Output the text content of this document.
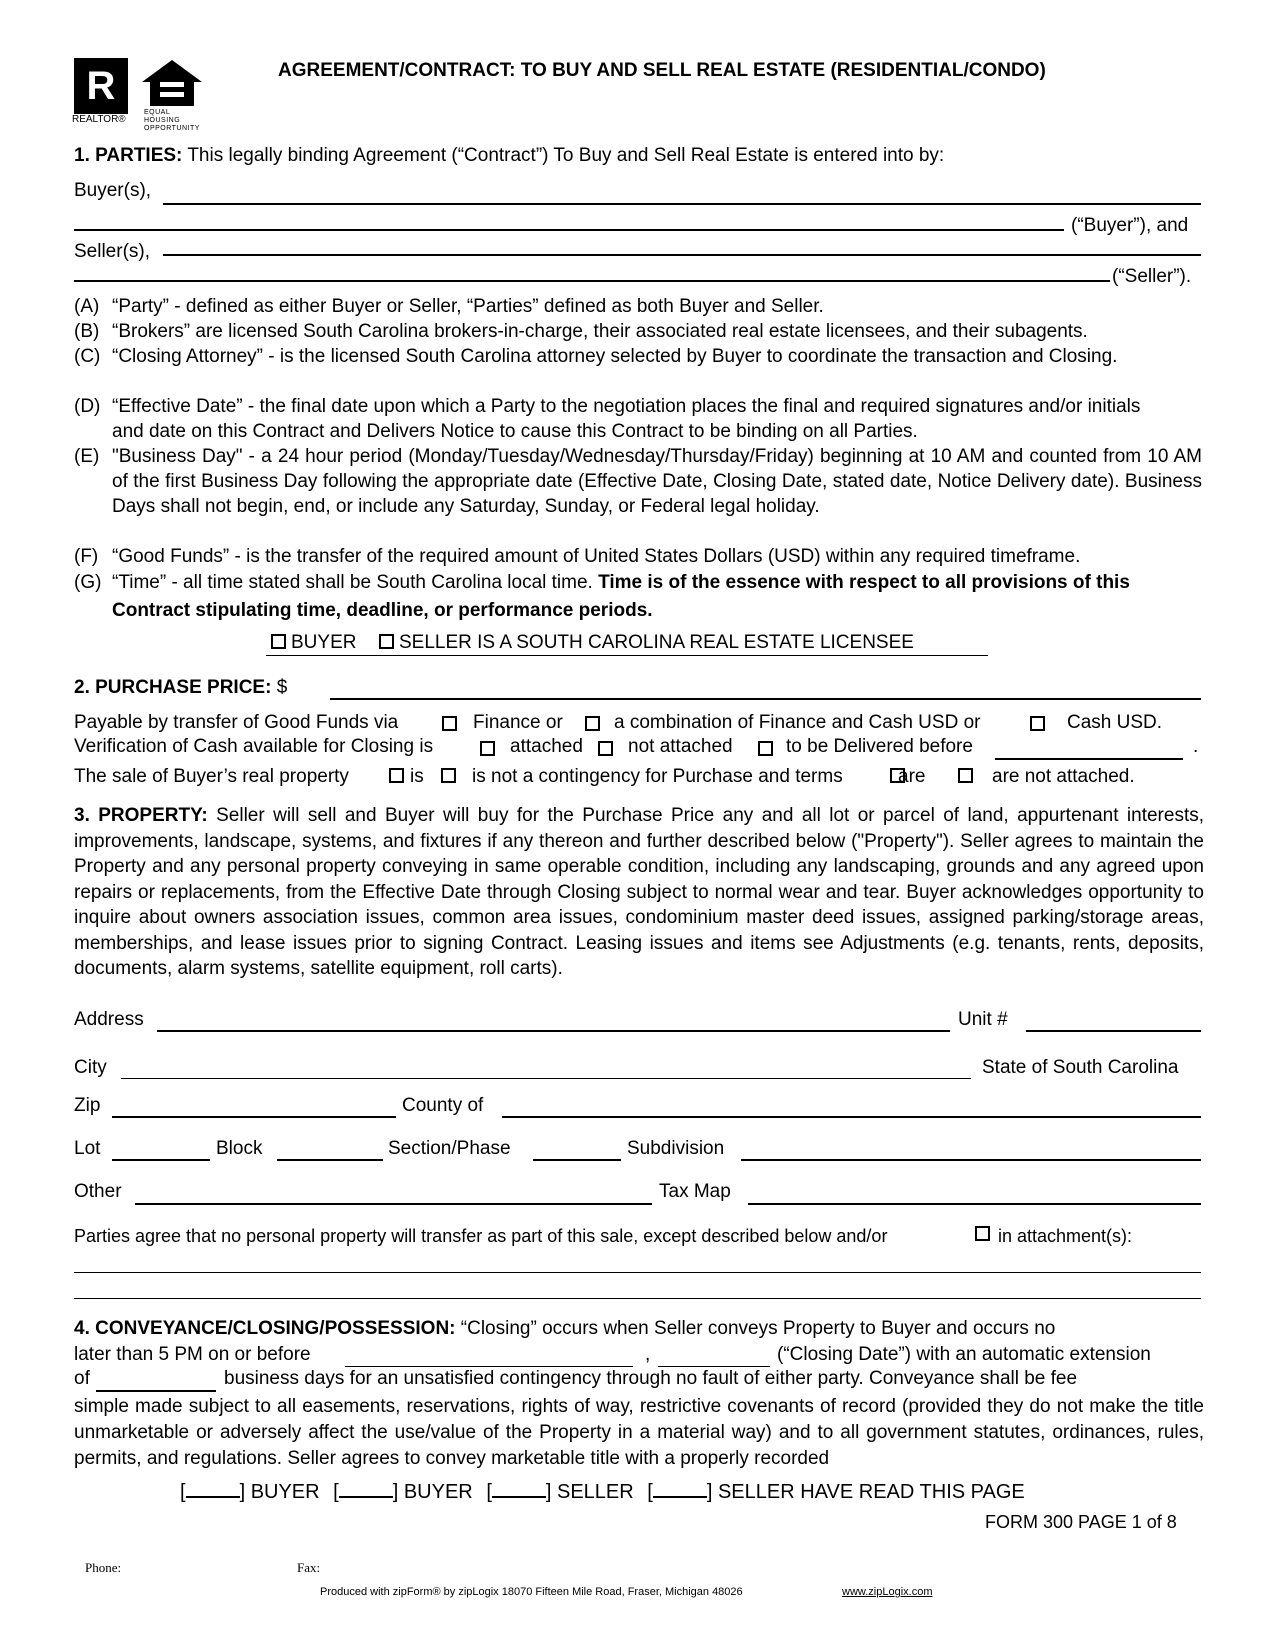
R
REALTOR®
EQUAL HOUSING OPPORTUNITY
AGREEMENT/CONTRACT: TO BUY AND SELL REAL ESTATE (RESIDENTIAL/CONDO)
1. PARTIES: This legally binding Agreement (“Contract”) To Buy and Sell Real Estate is entered into by:
Buyer(s),
(“Buyer”), and
Seller(s),
(“Seller”).
(A) “Party” - defined as either Buyer or Seller, “Parties” defined as both Buyer and Seller.
(B) “Brokers” are licensed South Carolina brokers-in-charge, their associated real estate licensees, and their subagents.
(C) “Closing Attorney” - is the licensed South Carolina attorney selected by Buyer to coordinate the transaction and Closing.
(D) “Effective Date” - the final date upon which a Party to the negotiation places the final and required signatures and/or initials and date on this Contract and Delivers Notice to cause this Contract to be binding on all Parties.
(E) "Business Day" - a 24 hour period (Monday/Tuesday/Wednesday/Thursday/Friday) beginning at 10 AM and counted from 10 AM of the first Business Day following the appropriate date (Effective Date, Closing Date, stated date, Notice Delivery date). Business Days shall not begin, end, or include any Saturday, Sunday, or Federal legal holiday.
(F) “Good Funds” - is the transfer of the required amount of United States Dollars (USD) within any required timeframe.
(G) “Time” - all time stated shall be South Carolina local time. Time is of the essence with respect to all provisions of this Contract stipulating time, deadline, or performance periods.
BUYER SELLER IS A SOUTH CAROLINA REAL ESTATE LICENSEE
2. PURCHASE PRICE: $
Payable by transfer of Good Funds via	Finance or	a combination of Finance and Cash USD or	Cash USD.
Verification of Cash available for Closing is	attached not attached	to be Delivered before	.
The sale of Buyer’s real property	is	is not a contingency for Purchase and terms	are	are not attached.
3. PROPERTY: Seller will sell and Buyer will buy for the Purchase Price any and all lot or parcel of land, appurtenant interests, improvements, landscape, systems, and fixtures if any thereon and further described below ("Property"). Seller agrees to maintain the Property and any personal property conveying in same operable condition, including any landscaping, grounds and any agreed upon repairs or replacements, from the Effective Date through Closing subject to normal wear and tear. Buyer acknowledges opportunity to inquire about owners association issues, common area issues, condominium master deed issues, assigned parking/storage areas, memberships, and lease issues prior to signing Contract. Leasing issues and items see Adjustments (e.g. tenants, rents, deposits, documents, alarm systems, satellite equipment, roll carts).
Address	Unit #
City	State of South Carolina
Zip	County of
Lot	Block	Section/Phase	Subdivision
Other	Tax Map
Parties agree that no personal property will transfer as part of this sale, except described below and/or	in attachment(s):
4. CONVEYANCE/CLOSING/POSSESSION: “Closing” occurs when Seller conveys Property to Buyer and occurs no
later than 5 PM on or before	,	(“Closing Date”) with an automatic extension
of	business days for an unsatisfied contingency through no fault of either party. Conveyance shall be fee
simple made subject to all easements, reservations, rights of way, restrictive covenants of record (provided they do not make the title unmarketable or adversely affect the use/value of the Property in a material way) and to all government statutes, ordinances, rules, permits, and regulations. Seller agrees to convey marketable title with a properly recorded
[	] BUYER [	] BUYER [	] SELLER [	] SELLER HAVE READ THIS PAGE
FORM 300 PAGE 1 of 8
Phone:	Fax:
Produced with zipForm® by zipLogix 18070 Fifteen Mile Road, Fraser, Michigan 48026	www.zipLogix.com
